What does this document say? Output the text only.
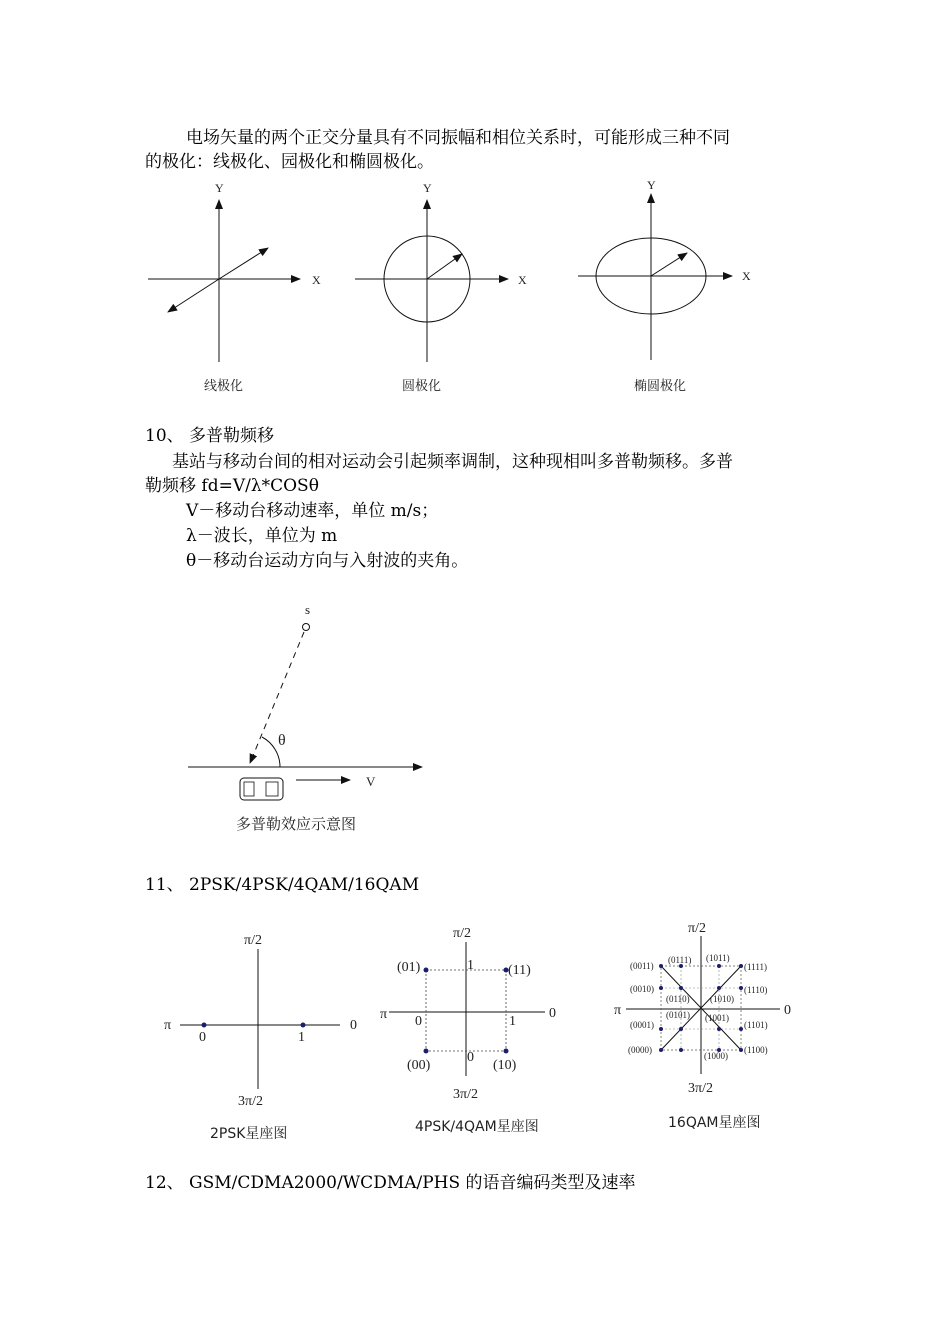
电场矢量的两个正交分量具有不同振幅和相位关系时，可能形成三种不同
的极化：线极化、园极化和椭圆极化。
Y
X
Y
X
Y
X
线极化	圆极化	椭圆极化
10、 多普勒频移
基站与移动台间的相对运动会引起频率调制，这种现相叫多普勒频移。多普
勒频移 fd=V/λ*COSθ
V－移动台移动速率，单位 m/s；
λ－波长，单位为 m
θ－移动台运动方向与入射波的夹角。
s
θ
V
多普勒效应示意图
11、 2PSK/4PSK/4QAM/16QAM
π/2
π	0
3π/2
0	1
2PSK星座图
π/2
π	0
3π/2
(01)	(11)
(00)	(10)
1
0	1
0
4PSK/4QAM星座图
π/2
π	0
3π/2
(0011)
(0111) (1011)
(1111)
(0010)
(0110) (1010)
(1110)
(0001)
(0101) (1001)
(1101)
(0000)
(1000)
(1100)
16QAM星座图
12、 GSM/CDMA2000/WCDMA/PHS 的语音编码类型及速率
